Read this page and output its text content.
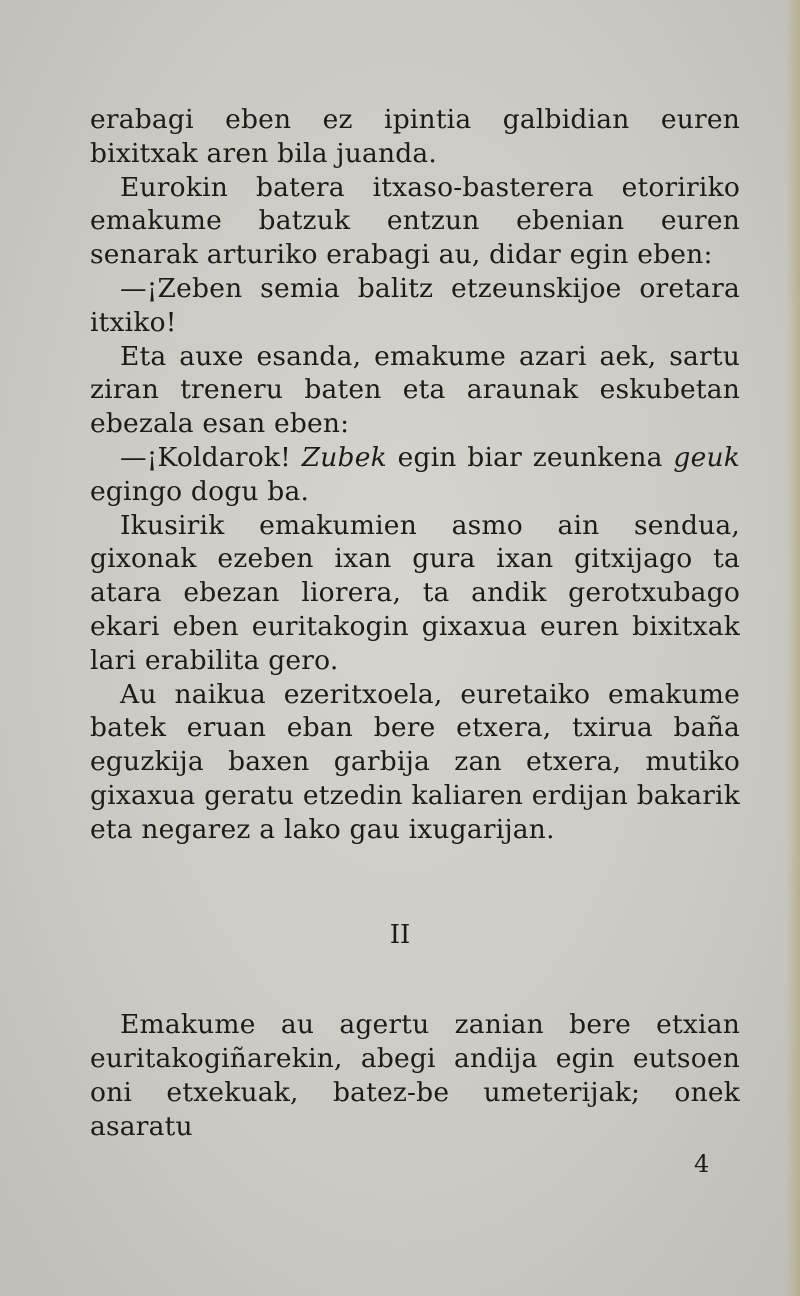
erabagi eben ez ipintia galbidian euren bixitxak aren bila juanda.

Eurokin batera itxaso-basterera etoririko emakume batzuk entzun ebenian euren senarak arturiko erabagi au, didar egin eben:

—¡Zeben semia balitz etzeunskijoe oretara itxiko!

Eta auxe esanda, emakume azari aek, sartu ziran treneru baten eta araunak eskubetan ebezala esan eben:

—¡Koldarok! Zubek egin biar zeunkena geuk egingo dogu ba.

Ikusirik emakumien asmo ain sendua, gixonak ezeben ixan gura ixan gitxijago ta atara ebezan liorera, ta andik gerotxubago ekari eben euritakogin gixaxua euren bixitxak lari erabilita gero.

Au naikua ezeritxoela, euretaiko emakume batek eruan eban bere etxera, txirua baña eguzkija baxen garbija zan etxera, mutiko gixaxua geratu etzedin kaliaren erdijan bakarik eta negarez a lako gau ixugarijan.

II

Emakume au agertu zanian bere etxian euritakogiñarekin, abegi andija egin eutsoen oni etxekuak, batez-be umeterijak; onek asaratu

4
